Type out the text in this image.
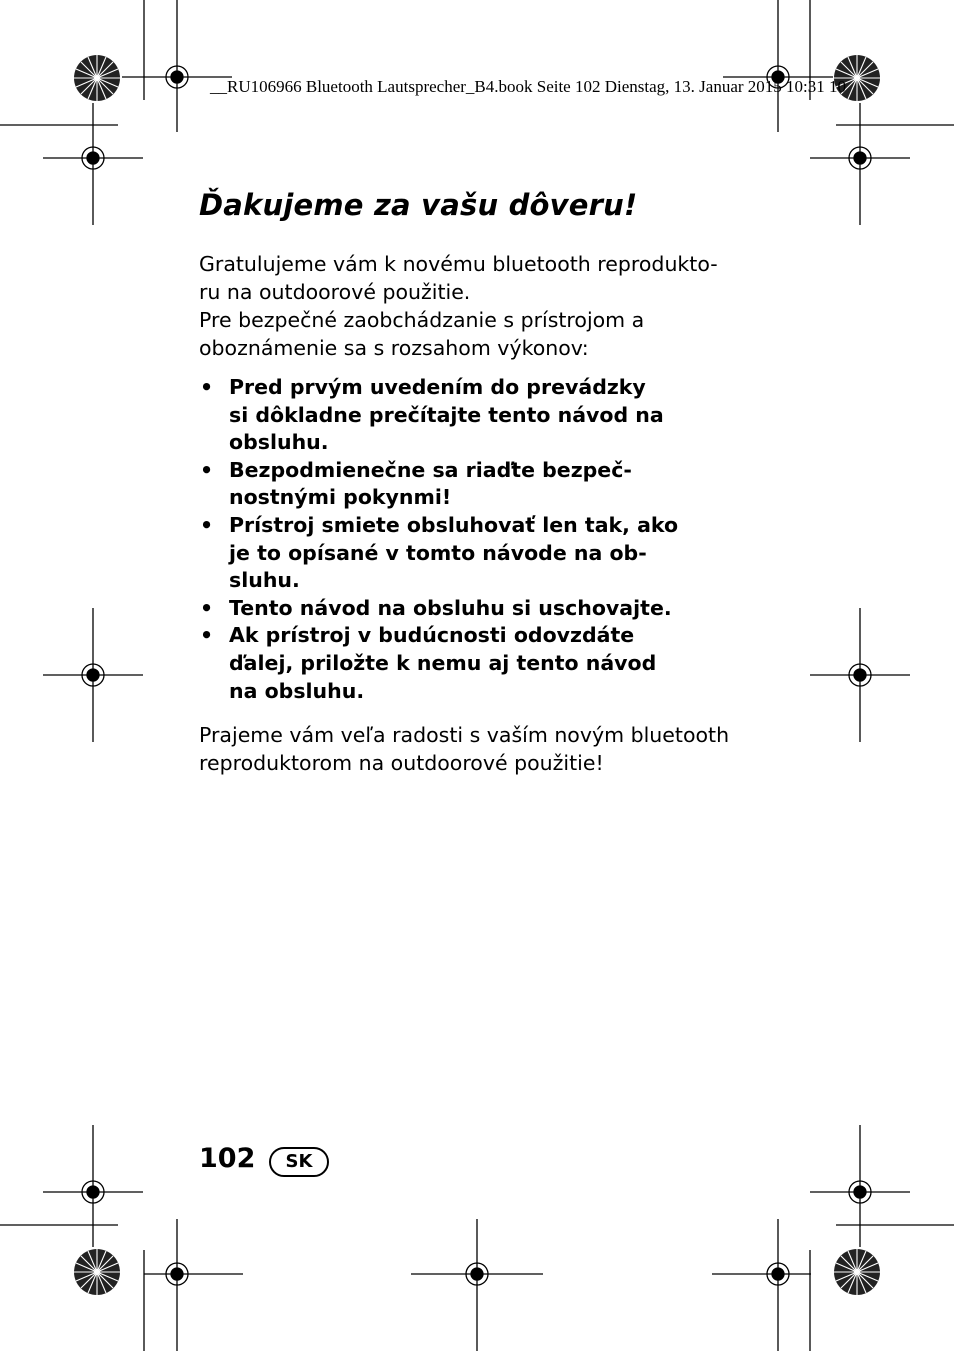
__RU106966 Bluetooth Lautsprecher_B4.book Seite 102 Dienstag, 13. Januar 2015 10:31 10
Ďakujeme za vašu dôveru!
Gratulujeme vám k novému bluetooth reprodukto-
ru na outdoorové použitie.
Pre bezpečné zaobchádzanie s prístrojom a
oboznámenie sa s rozsahom výkonov:
• Pred prvým uvedením do prevádzky
si dôkladne prečítajte tento návod na
obsluhu.
• Bezpodmienečne sa riaďte bezpeč-
nostnými pokynmi!
• Prístroj smiete obsluhovať len tak, ako
je to opísané v tomto návode na ob-
sluhu.
• Tento návod na obsluhu si uschovajte.
• Ak prístroj v budúcnosti odovzdáte
ďalej, priložte k nemu aj tento návod
na obsluhu.
Prajeme vám veľa radosti s vaším novým bluetooth
reproduktorom na outdoorové použitie!
102	SK
